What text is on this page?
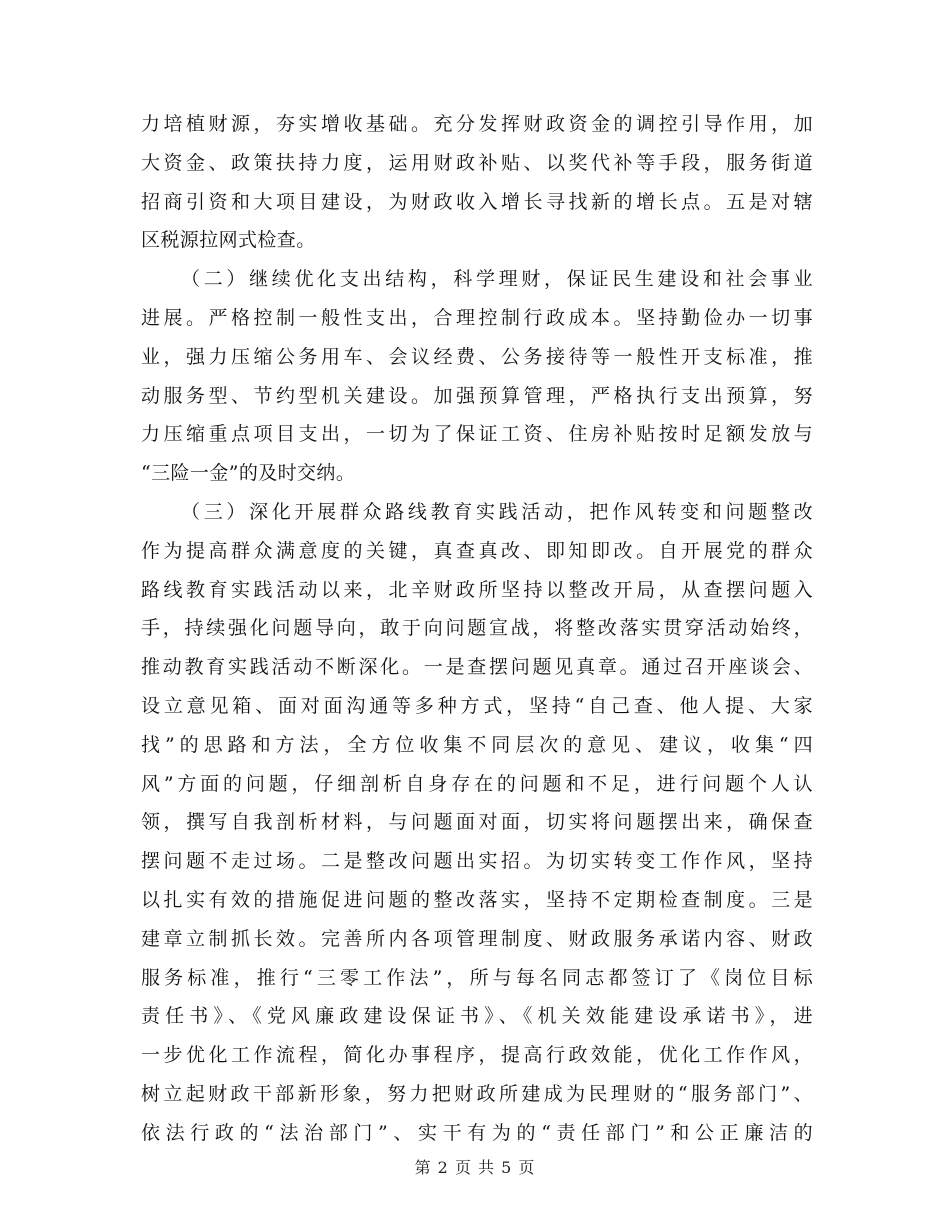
力培植财源，夯实增收基础。充分发挥财政资金的调控引导作用，加
大资金、政策扶持力度，运用财政补贴、以奖代补等手段，服务街道
招商引资和大项目建设，为财政收入增长寻找新的增长点。五是对辖
区税源拉网式检查。
（二）继续优化支出结构，科学理财，保证民生建设和社会事业
进展。严格控制一般性支出，合理控制行政成本。坚持勤俭办一切事
业，强力压缩公务用车、会议经费、公务接待等一般性开支标准，推
动服务型、节约型机关建设。加强预算管理，严格执行支出预算，努
力压缩重点项目支出，一切为了保证工资、住房补贴按时足额发放与
“三险一金”的及时交纳。
（三）深化开展群众路线教育实践活动，把作风转变和问题整改
作为提高群众满意度的关键，真查真改、即知即改。自开展党的群众
路线教育实践活动以来，北辛财政所坚持以整改开局，从查摆问题入
手，持续强化问题导向，敢于向问题宣战，将整改落实贯穿活动始终，
推动教育实践活动不断深化。一是查摆问题见真章。通过召开座谈会、
设立意见箱、面对面沟通等多种方式，坚持“自己查、他人提、大家
找”的思路和方法，全方位收集不同层次的意见、建议，收集“四
风”方面的问题，仔细剖析自身存在的问题和不足，进行问题个人认
领，撰写自我剖析材料，与问题面对面，切实将问题摆出来，确保查
摆问题不走过场。二是整改问题出实招。为切实转变工作作风，坚持
以扎实有效的措施促进问题的整改落实，坚持不定期检查制度。三是
建章立制抓长效。完善所内各项管理制度、财政服务承诺内容、财政
服务标准，推行“三零工作法”，所与每名同志都签订了《岗位目标
责任书》、《党风廉政建设保证书》、《机关效能建设承诺书》，进
一步优化工作流程，简化办事程序，提高行政效能，优化工作作风，
树立起财政干部新形象，努力把财政所建成为民理财的“服务部门”、
依法行政的“法治部门”、实干有为的“责任部门”和公正廉洁的
第 2 页 共 5 页
